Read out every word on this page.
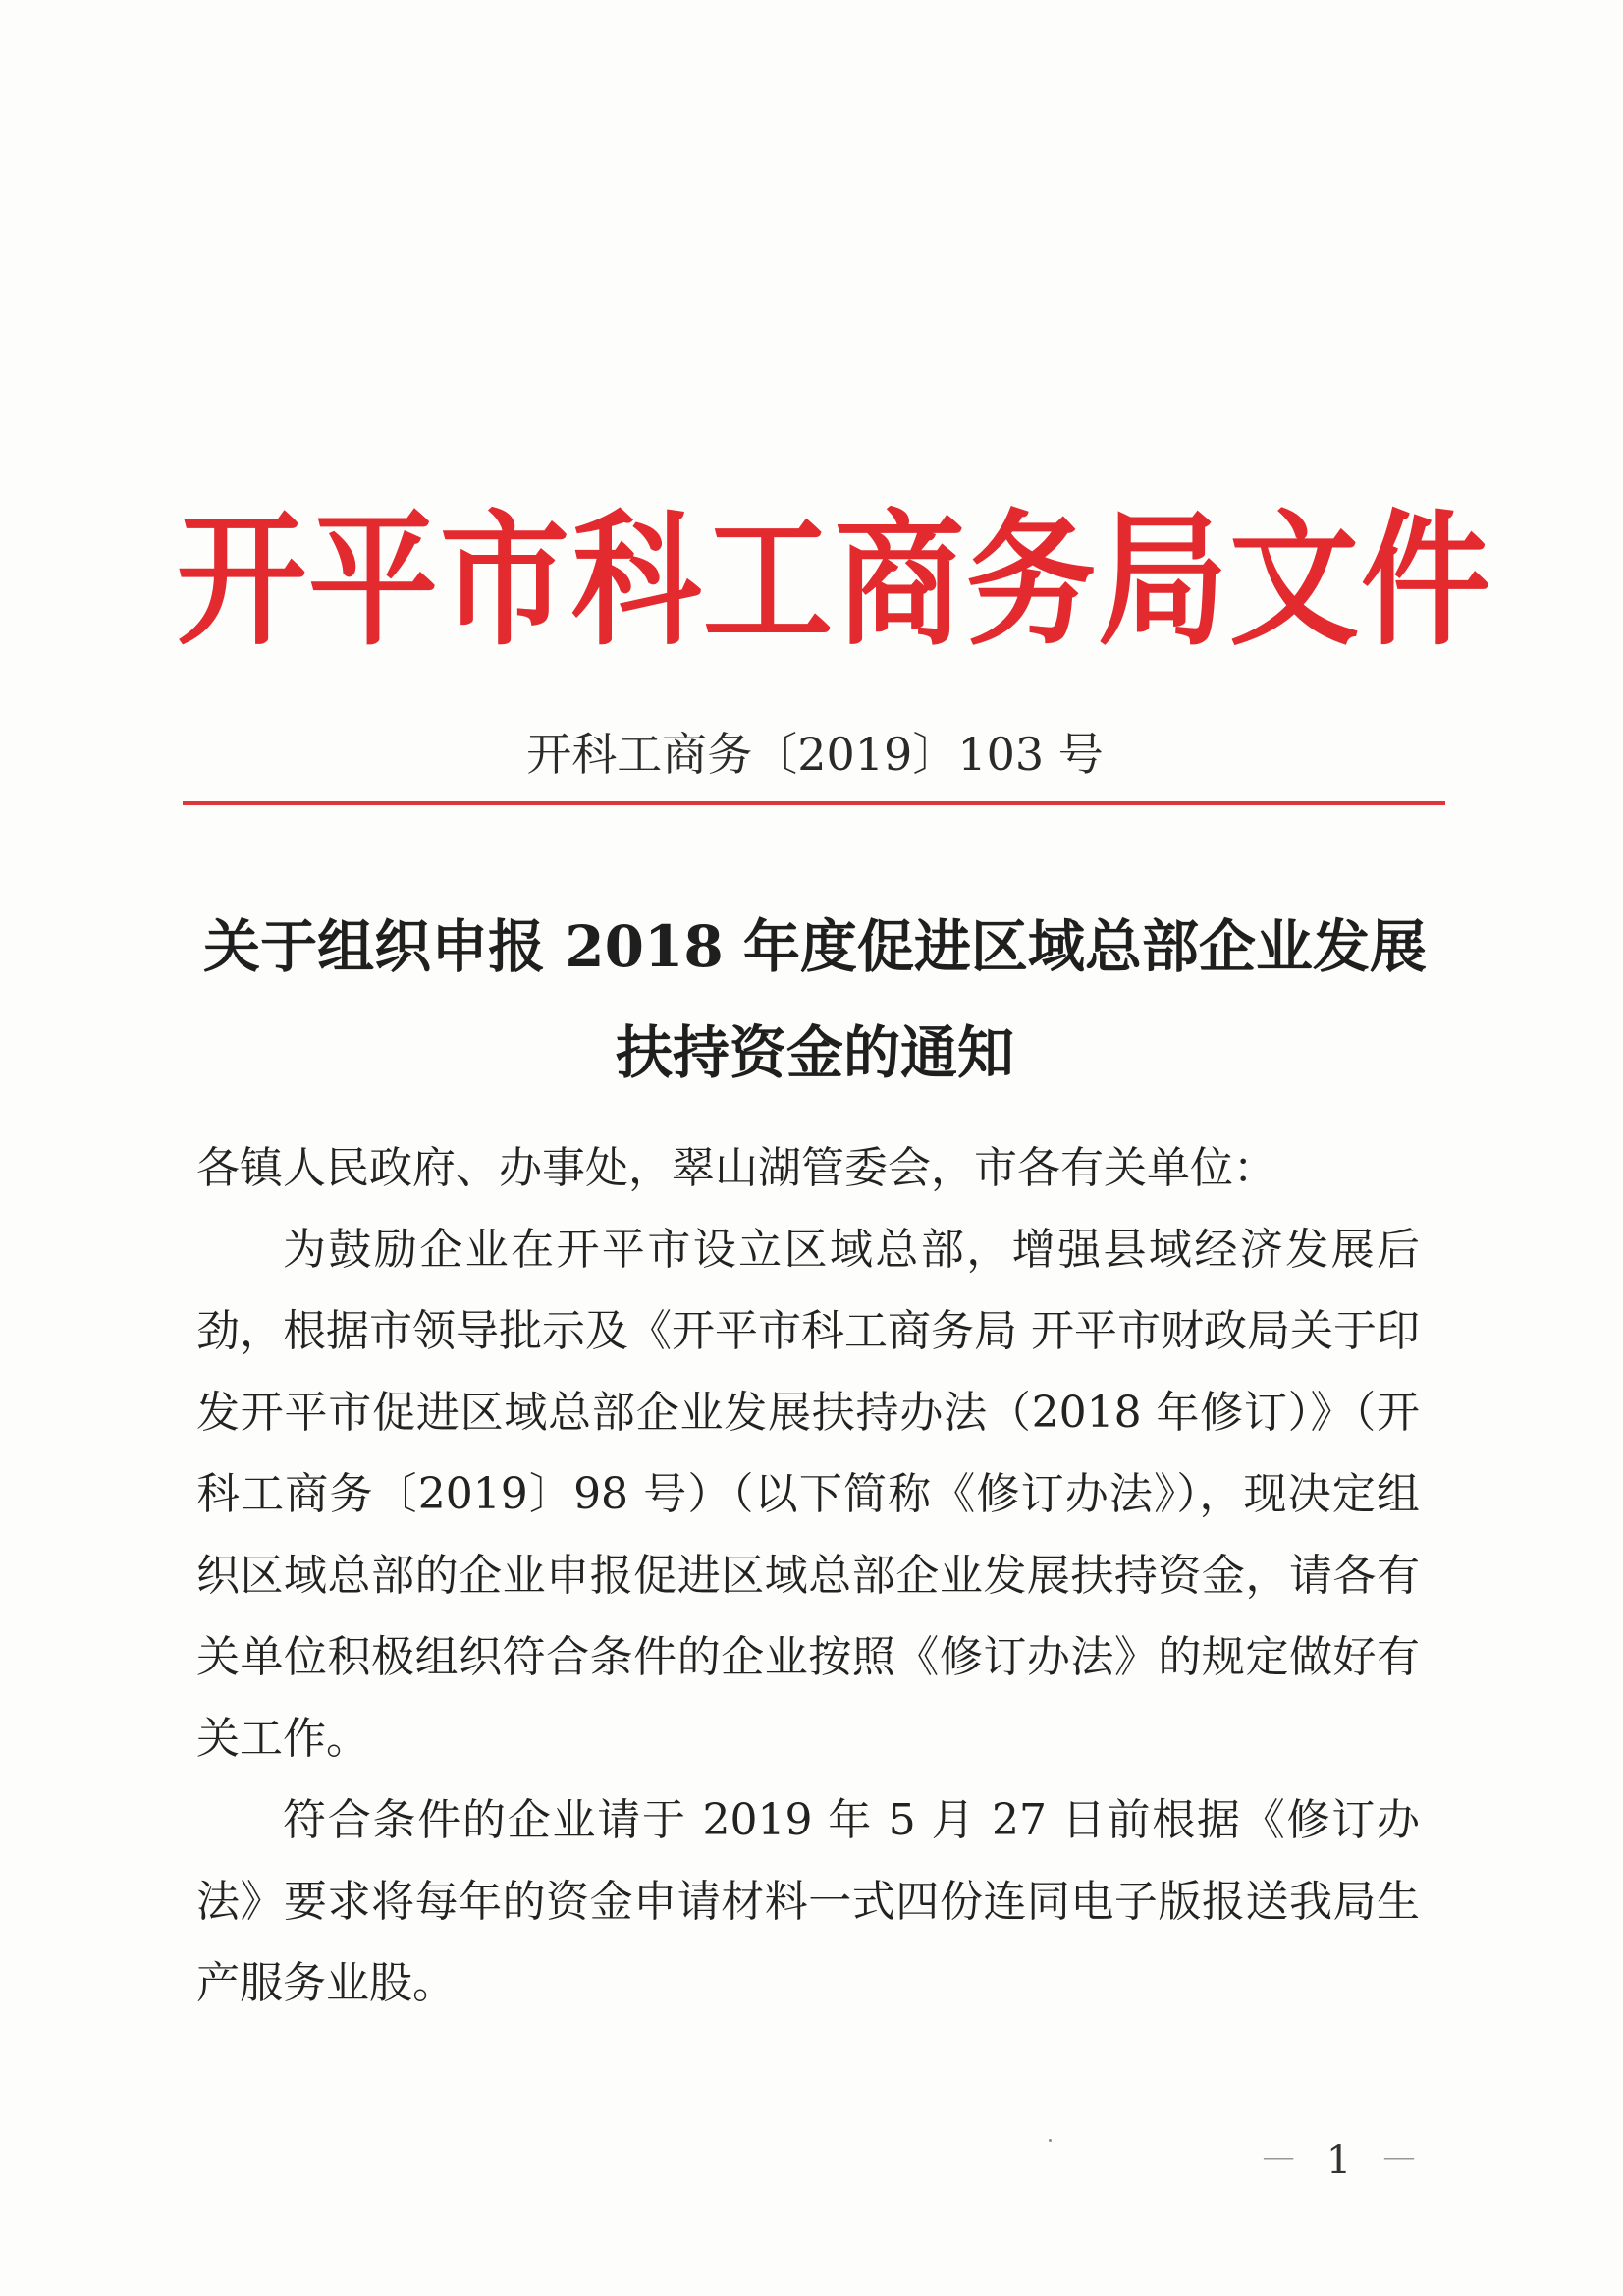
开平市科工商务局文件
开科工商务〔2019〕103 号
关于组织申报 2018 年度促进区域总部企业发展
扶持资金的通知

各镇人民政府、办事处，翠山湖管委会，市各有关单位：

为鼓励企业在开平市设立区域总部，增强县域经济发展后劲，根据市领导批示及《开平市科工商务局 开平市财政局关于印发开平市促进区域总部企业发展扶持办法（2018 年修订）》（开科工商务〔2019〕98 号）（以下简称《修订办法》），现决定组织区域总部的企业申报促进区域总部企业发展扶持资金，请各有关单位积极组织符合条件的企业按照《修订办法》的规定做好有关工作。

符合条件的企业请于 2019 年 5 月 27 日前根据《修订办法》要求将每年的资金申请材料一式四份连同电子版报送我局生产服务业股。

－ 1 －
